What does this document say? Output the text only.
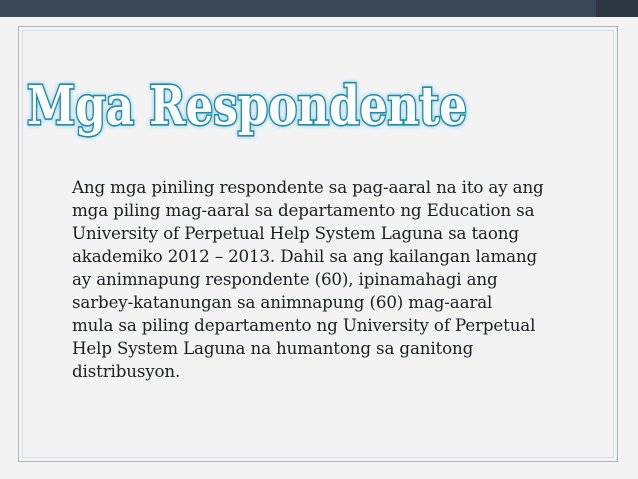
Mga Respondente
Ang mga piniling respondente sa pag-aaral na ito ay ang
mga piling mag-aaral sa departamento ng Education sa
University of Perpetual Help System Laguna sa taong
akademiko 2012 – 2013. Dahil sa ang kailangan lamang
ay animnapung respondente (60), ipinamahagi ang
sarbey-katanungan sa animnapung (60) mag-aaral
mula sa piling departamento ng University of Perpetual
Help System Laguna na humantong sa ganitong
distribusyon.
